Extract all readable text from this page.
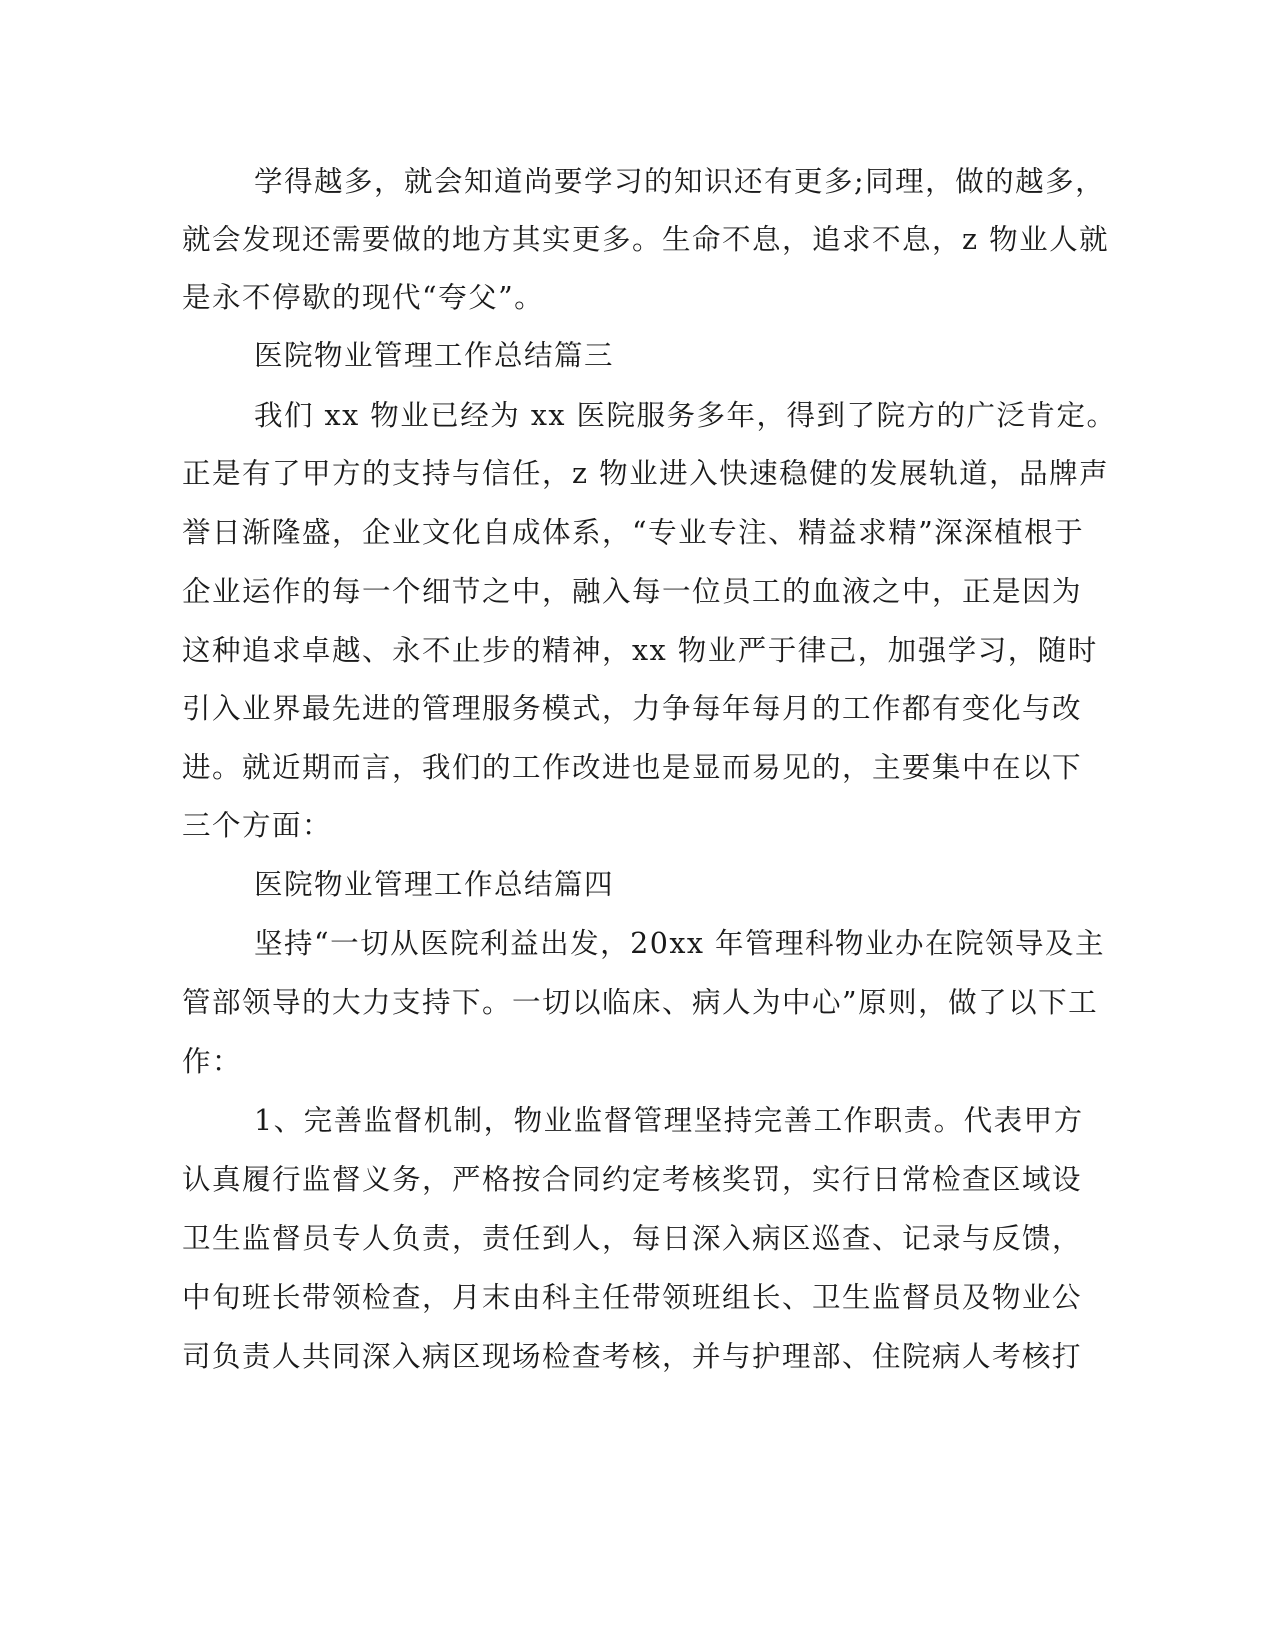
学得越多，就会知道尚要学习的知识还有更多;同理，做的越多，
就会发现还需要做的地方其实更多。生命不息，追求不息，z 物业人就
是永不停歇的现代“夸父”。
医院物业管理工作总结篇三
我们 xx 物业已经为 xx 医院服务多年，得到了院方的广泛肯定。
正是有了甲方的支持与信任，z 物业进入快速稳健的发展轨道，品牌声
誉日渐隆盛，企业文化自成体系，“专业专注、精益求精”深深植根于
企业运作的每一个细节之中，融入每一位员工的血液之中，正是因为
这种追求卓越、永不止步的精神，xx 物业严于律己，加强学习，随时
引入业界最先进的管理服务模式，力争每年每月的工作都有变化与改
进。就近期而言，我们的工作改进也是显而易见的，主要集中在以下
三个方面：
医院物业管理工作总结篇四
坚持“一切从医院利益出发，20xx 年管理科物业办在院领导及主
管部领导的大力支持下。一切以临床、病人为中心”原则，做了以下工
作：
1、完善监督机制，物业监督管理坚持完善工作职责。代表甲方
认真履行监督义务，严格按合同约定考核奖罚，实行日常检查区域设
卫生监督员专人负责，责任到人，每日深入病区巡查、记录与反馈，
中旬班长带领检查，月末由科主任带领班组长、卫生监督员及物业公
司负责人共同深入病区现场检查考核，并与护理部、住院病人考核打
